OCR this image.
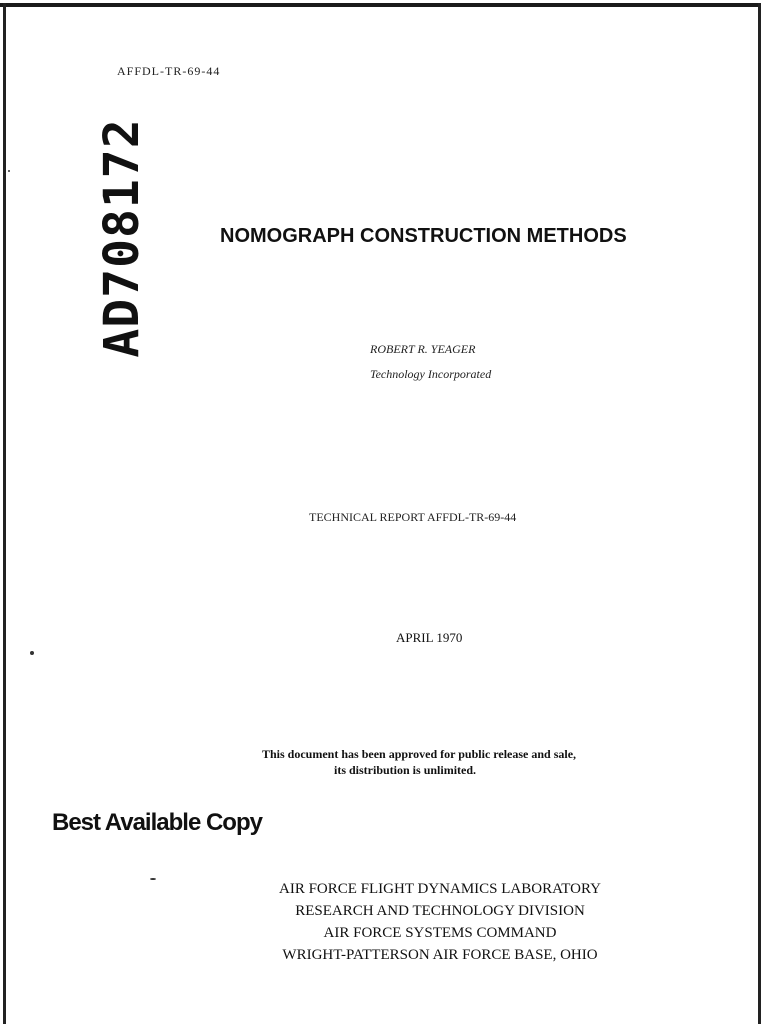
AFFDL-TR-69-44
AD708172	NOMOGRAPH CONSTRUCTION METHODS
ROBERT R. YEAGER
Technology Incorporated
TECHNICAL REPORT AFFDL-TR-69-44
APRIL 1970
This document has been approved for public release and sale,
its distribution is unlimited.
Best Available Copy
AIR FORCE FLIGHT DYNAMICS LABORATORY
RESEARCH AND TECHNOLOGY DIVISION
AIR FORCE SYSTEMS COMMAND
WRIGHT-PATTERSON AIR FORCE BASE, OHIO
